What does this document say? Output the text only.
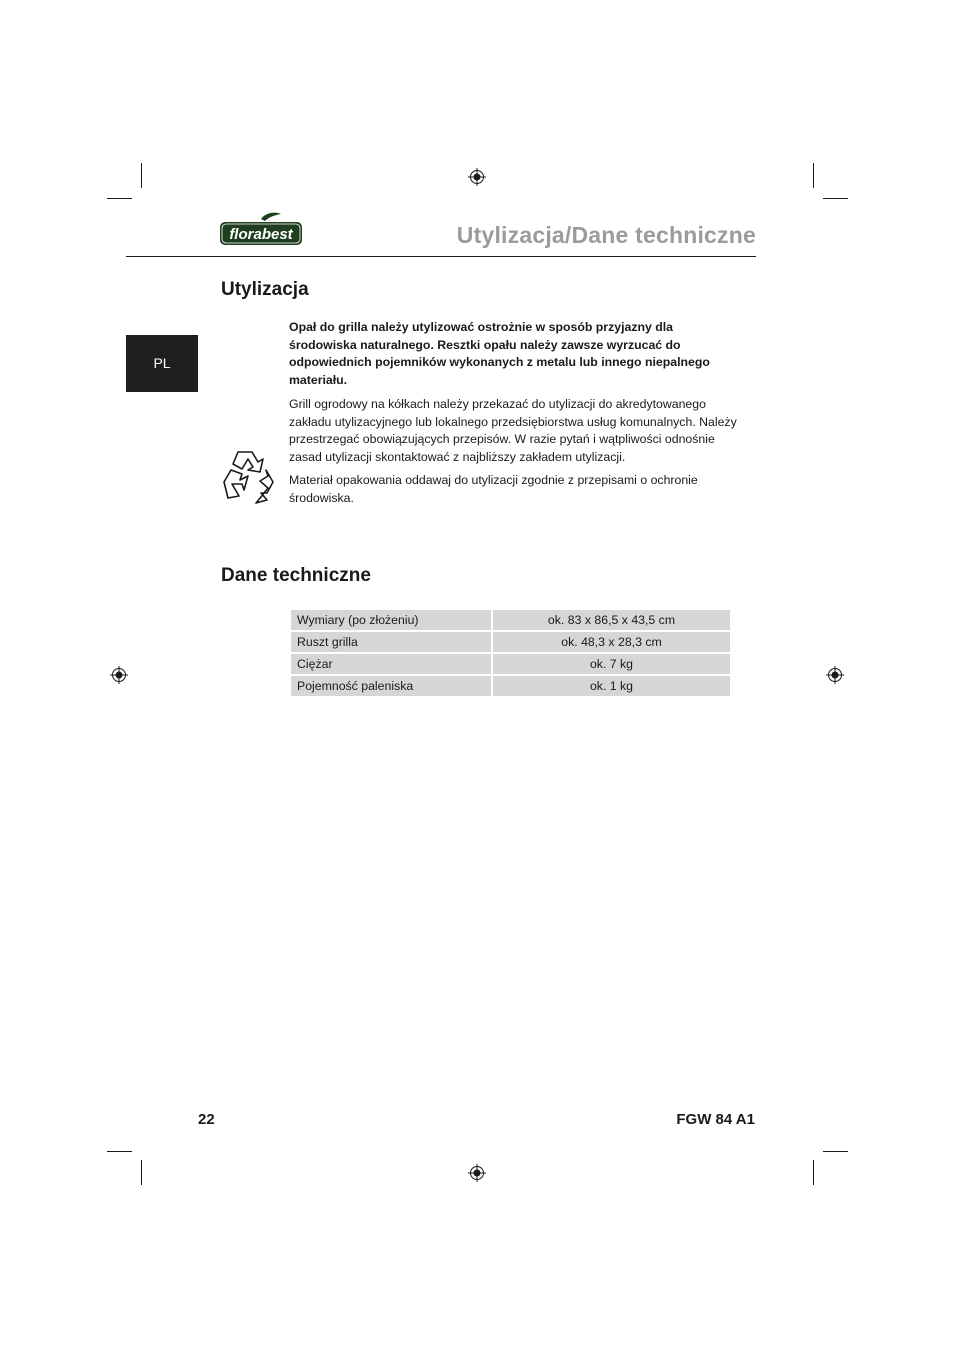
florabest	Utylizacja/Dane techniczne
PL
Utylizacja
Opał do grilla należy utylizować ostrożnie w sposób przyjazny dla środowiska naturalnego. Resztki opału należy zawsze wyrzucać do odpowiednich pojemników wykonanych z metalu lub innego niepalnego materiału.
Grill ogrodowy na kółkach należy przekazać do utylizacji do akredytowanego zakładu utylizacyjnego lub lokalnego przedsiębiorstwa usług komunalnych. Należy przestrzegać obowiązujących przepisów. W razie pytań i wątpliwości odnośnie zasad utylizacji skontaktować z najbliższy zakładem utylizacji.
Materiał opakowania oddawaj do utylizacji zgodnie z przepisami o ochronie środowiska.
Dane techniczne
Wymiary (po złożeniu)	ok. 83 x 86,5 x 43,5 cm
Ruszt grilla	ok. 48,3 x 28,3 cm
Ciężar	ok. 7 kg
Pojemność paleniska	ok. 1 kg
22	FGW 84 A1
